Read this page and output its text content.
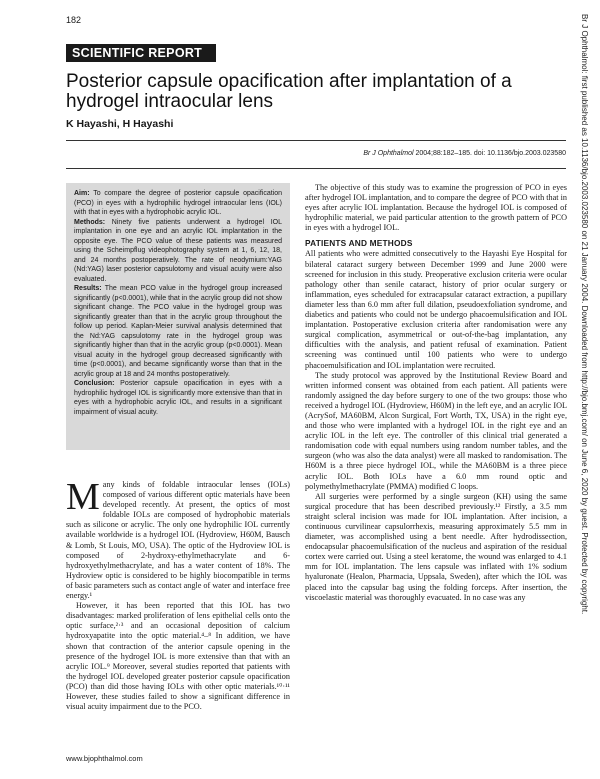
182
SCIENTIFIC REPORT
Posterior capsule opacification after implantation of a hydrogel intraocular lens
K Hayashi, H Hayashi
Br J Ophthalmol 2004;88:182–185. doi: 10.1136/bjo.2003.023580

Aim: To compare the degree of posterior capsule opacification (PCO) in eyes with a hydrophilic hydrogel intraocular lens (IOL) with that in eyes with a hydrophobic acrylic IOL.

Methods: Ninety five patients underwent a hydrogel IOL implantation in one eye and an acrylic IOL implantation in the opposite eye. The PCO value of these patients was measured using the Scheimpflug videophotography system at 1, 6, 12, 18, and 24 months postoperatively. The rate of neodymium:YAG (Nd:YAG) laser posterior capsulotomy and visual acuity were also evaluated.

Results: The mean PCO value in the hydrogel group increased significantly (p<0.0001), while that in the acrylic group did not show significant change. The PCO value in the hydrogel group was significantly greater than that in the acrylic group throughout the follow up period. Kaplan-Meier survival analysis determined that the Nd:YAG capsulotomy rate in the hydrogel group was significantly higher than that in the acrylic group (p<0.0001). Mean visual acuity in the hydrogel group decreased significantly with time (p<0.0001), and became significantly worse than that in the acrylic group at 18 and 24 months postoperatively.

Conclusion: Posterior capsule opacification in eyes with a hydrophilic hydrogel IOL is significantly more extensive than that in eyes with a hydrophobic acrylic IOL, and results in a significant impairment of visual acuity.

Many kinds of foldable intraocular lenses (IOLs) composed of various different optic materials have been developed recently. At present, the optics of most foldable IOLs are composed of hydrophobic materials such as silicone or acrylic. The only one hydrophilic IOL currently available worldwide is a hydrogel IOL (Hydroview, H60M, Bausch & Lomb, St Louis, MO, USA). The optic of the Hydroview IOL is composed of 2-hydroxy-ethylmethacrylate and 6-hydroxyethylmethacrylate, and has a water content of 18%. The Hydroview optic is considered to be highly biocompatible in terms of basic parameters such as contact angle of water and interface free energy.¹

However, it has been reported that this IOL has two disadvantages: marked proliferation of lens epithelial cells onto the optic surface,²·³ and an occasional deposition of calcium hydroxyapatite into the optic material.⁴–⁸ In addition, we have shown that contraction of the anterior capsule opening in the presence of the hydrogel IOL is more extensive than that with an acrylic IOL.⁹ Moreover, several studies reported that patients with the hydrogel IOL developed greater posterior capsule opacification (PCO) than did those having IOLs with other optic materials.¹⁰·¹¹ However, these studies failed to show a significant difference in visual acuity impairment due to the PCO.

The objective of this study was to examine the progression of PCO in eyes after hydrogel IOL implantation, and to compare the degree of PCO with that in eyes after acrylic IOL implantation. Because the hydrogel IOL is composed of hydrophilic material, we paid particular attention to the growth pattern of PCO in eyes with a hydrogel IOL.

PATIENTS AND METHODS

All patients who were admitted consecutively to the Hayashi Eye Hospital for bilateral cataract surgery between December 1999 and June 2000 were screened for inclusion in this study. Preoperative exclusion criteria were ocular pathology other than senile cataract, history of prior ocular surgery or inflammation, eyes scheduled for extracapsular cataract extraction, a pupillary diameter less than 6.0 mm after full dilation, pseudoexfoliation syndrome, and diabetics and patients who could not be undergo phacoemulsification and IOL implantation. Postoperative exclusion criteria after randomisation were any surgical complication, asymmetrical or out-of-the-bag implantation, any difficulties with the analysis, and patient refusal of examination. Patient screening was continued until 100 patients who were to undergo phacoemulsification and IOL implantation were recruited.

The study protocol was approved by the Institutional Review Board and written informed consent was obtained from each patient. All patients were randomly assigned the day before surgery to one of the two groups: those who received a hydrogel IOL (Hydroview, H60M) in the left eye, and an acrylic IOL (AcrySof, MA60BM, Alcon Surgical, Fort Worth, TX, USA) in the right eye, and those who were implanted with a hydrogel IOL in the right eye and an acrylic IOL in the left eye. The controller of this clinical trial generated a randomisation code with equal numbers using random number tables, and the surgeon (who was also the data analyst) were all masked to randomisation. The H60M is a three piece hydrogel IOL, while the MA60BM is a three piece acrylic IOL. Both IOLs have a 6.0 mm round optic and polymethylmethacrylate (PMMA) modified C loops.

All surgeries were performed by a single surgeon (KH) using the same surgical procedure that has been described previously.¹² Firstly, a 3.5 mm straight scleral incision was made for IOL implantation. After incision, a continuous curvilinear capsulorrhexis, measuring approximately 5.5 mm in diameter, was accomplished using a bent needle. After hydrodissection, endocapsular phacoemulsification of the nucleus and aspiration of the residual cortex were carried out. Using a steel keratome, the wound was enlarged to 4.1 mm for IOL implantation. The lens capsule was inflated with 1% sodium hyaluronate (Healon, Pharmacia, Uppsala, Sweden), after which the IOL was placed into the capsular bag using the folding forceps. After insertion, the viscoelastic material was thoroughly evacuated. In no case was any

www.bjophthalmol.com
Br J Ophthalmol: first published as 10.1136/bjo.2003.023580 on 21 January 2004. Downloaded from http://bjo.bmj.com/ on June 6, 2020 by guest. Protected by copyright.
